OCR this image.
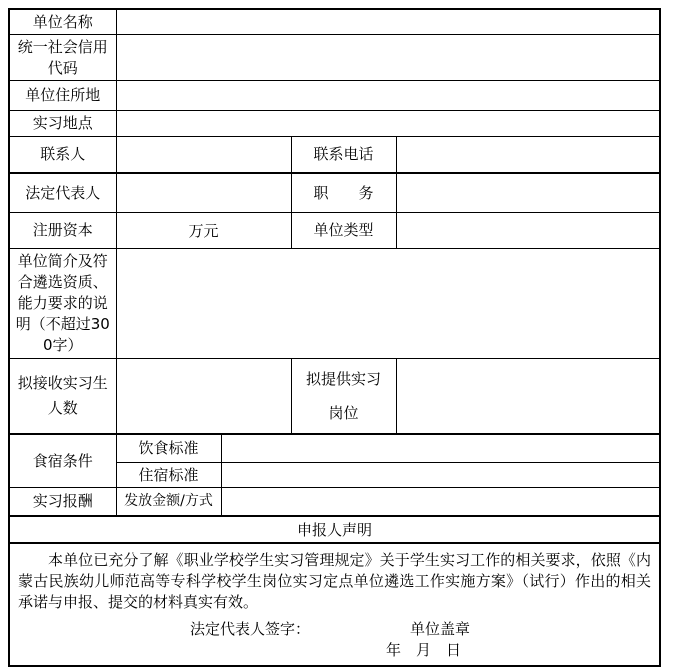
单位名称				
统一社会信用代码				
单位住所地				
实习地点				
联系人			联系电话	
法定代表人			职　　务	
注册资本	万元		单位类型	
单位简介及符合遴选资质、能力要求的说明（不超过300字）				
拟接收实习生人数			拟提供实习岗位	
食宿条件	饮食标准			
	住宿标准			
实习报酬	发放金额/方式			
申报人声明				

本单位已充分了解《职业学校学生实习管理规定》关于学生实习工作的相关要求，依照《内蒙古民族幼儿师范高等专科学校学生岗位实习定点单位遴选工作实施方案》（试行）作出的相关承诺与申报、提交的材料真实有效。

法定代表人签字： 单位盖章
年　月　日				
